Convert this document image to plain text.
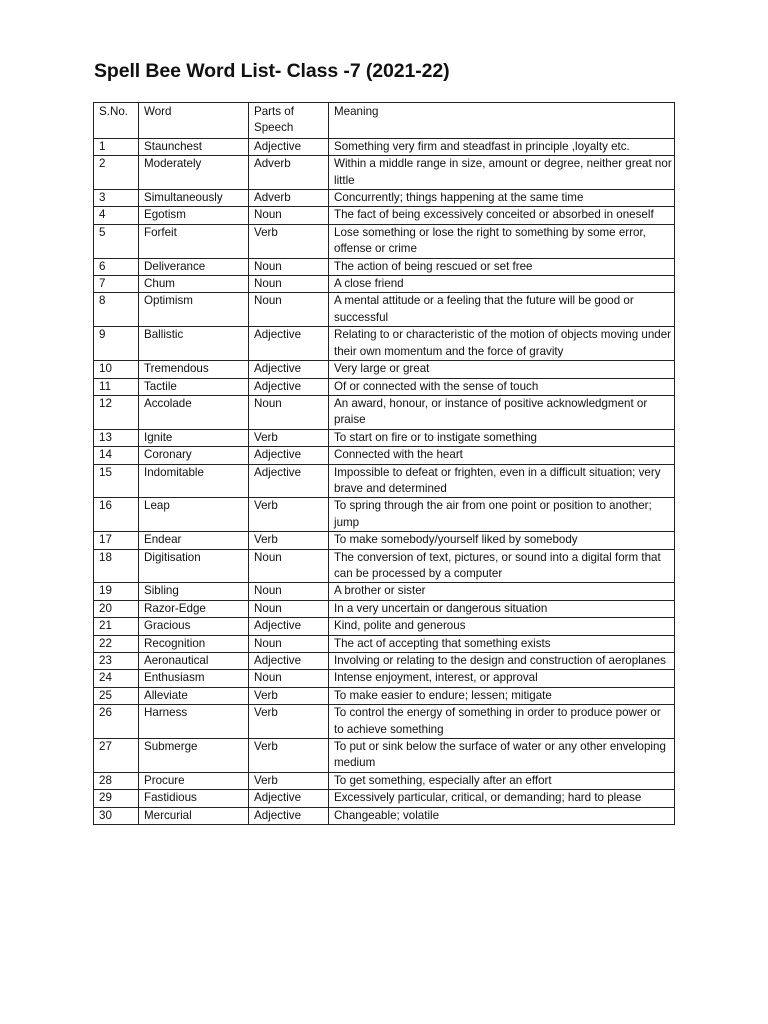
Spell Bee Word List- Class -7 (2021-22)
S.No.	Word	Parts of Speech	Meaning
1	Staunchest	Adjective	Something very firm and steadfast in principle ,loyalty etc.
2	Moderately	Adverb	Within a middle range in size, amount or degree, neither great nor little
3	Simultaneously	Adverb	Concurrently; things happening at the same time
4	Egotism	Noun	The fact of being excessively conceited or absorbed in oneself
5	Forfeit	Verb	Lose something or lose the right to something by some error, offense or crime
6	Deliverance	Noun	The action of being rescued or set free
7	Chum	Noun	A close friend
8	Optimism	Noun	A mental attitude or a feeling that the future will be good or successful
9	Ballistic	Adjective	Relating to or characteristic of the motion of objects moving under their own momentum and the force of gravity
10	Tremendous	Adjective	Very large or great
11	Tactile	Adjective	Of or connected with the sense of touch
12	Accolade	Noun	An award, honour, or instance of positive acknowledgment or praise
13	Ignite	Verb	To start on fire or to instigate something
14	Coronary	Adjective	Connected with the heart
15	Indomitable	Adjective	Impossible to defeat or frighten, even in a difficult situation; very brave and determined
16	Leap	Verb	To spring through the air from one point or position to another; jump
17	Endear	Verb	To make somebody/yourself liked by somebody
18	Digitisation	Noun	The conversion of text, pictures, or sound into a digital form that can be processed by a computer
19	Sibling	Noun	A brother or sister
20	Razor-Edge	Noun	In a very uncertain or dangerous situation
21	Gracious	Adjective	Kind, polite and generous
22	Recognition	Noun	The act of accepting that something exists
23	Aeronautical	Adjective	Involving or relating to the design and construction of aeroplanes
24	Enthusiasm	Noun	Intense enjoyment, interest, or approval
25	Alleviate	Verb	To make easier to endure; lessen; mitigate
26	Harness	Verb	To control the energy of something in order to produce power or to achieve something
27	Submerge	Verb	To put or sink below the surface of water or any other enveloping medium
28	Procure	Verb	To get something, especially after an effort
29	Fastidious	Adjective	Excessively particular, critical, or demanding; hard to please
30	Mercurial	Adjective	Changeable; volatile
